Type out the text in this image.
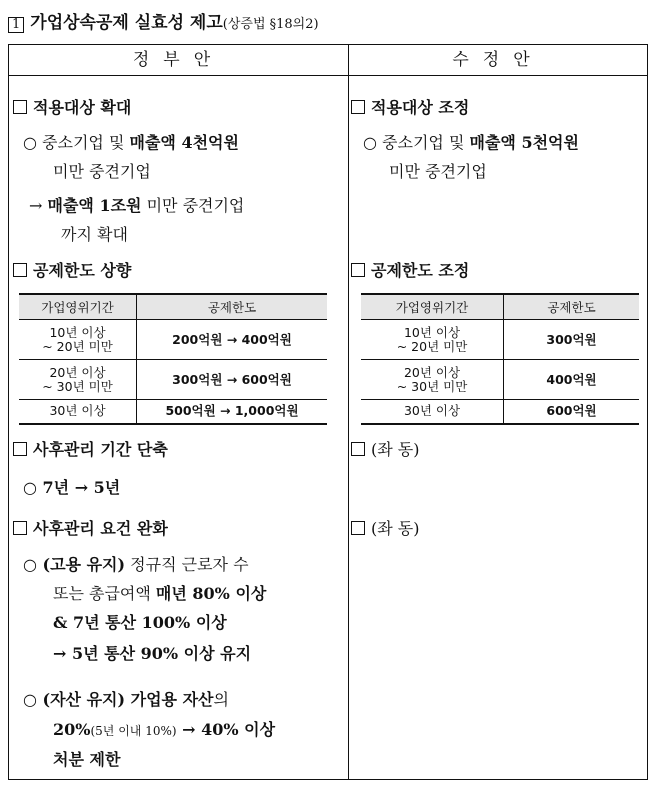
1 가업상속공제 실효성 제고(상증법 §18의2)
정부안	수정안
적용대상 확대
○ 중소기업 및 매출액 4천억원
미만 중견기업
→ 매출액 1조원 미만 중견기업
까지 확대
공제한도 상향
가업영위기간	공제한도
10년 이상
~ 20년 미만	200억원 → 400억원
20년 이상
~ 30년 미만	300억원 → 600억원
30년 이상	500억원 → 1,000억원
사후관리 기간 단축
○ 7년 → 5년
사후관리 요건 완화
○ (고용 유지) 정규직 근로자 수
또는 총급여액 매년 80% 이상
& 7년 통산 100% 이상
→ 5년 통산 90% 이상 유지
○ (자산 유지) 가업용 자산의
20%(5년 이내 10%) → 40% 이상
처분 제한
적용대상 조정
○ 중소기업 및 매출액 5천억원
미만 중견기업
공제한도 조정
가업영위기간	공제한도
10년 이상
~ 20년 미만	300억원
20년 이상
~ 30년 미만	400억원
30년 이상	600억원
(좌 동)
(좌 동)
